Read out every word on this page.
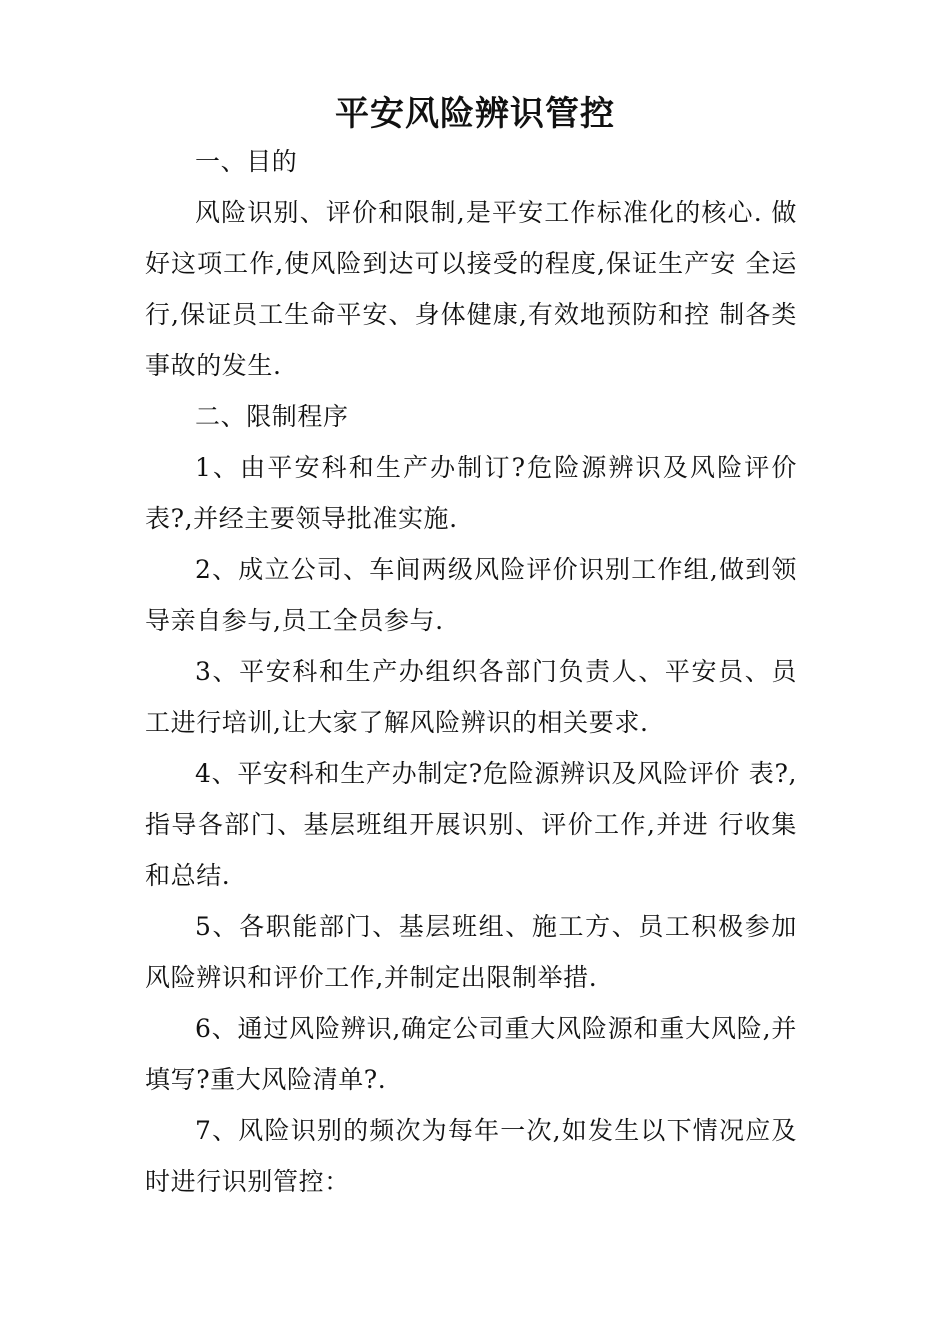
平安风险辨识管控

一、目的

风险识别、评价和限制,是平安工作标准化的核心. 做好这项工作,使风险到达可以接受的程度,保证生产安 全运行,保证员工生命平安、身体健康,有效地预防和控 制各类事故的发生.

二、限制程序

1、由平安科和生产办制订?危险源辨识及风险评价表?,并经主要领导批准实施.

2、成立公司、车间两级风险评价识别工作组,做到领导亲自参与,员工全员参与.

3、平安科和生产办组织各部门负责人、平安员、员工进行培训,让大家了解风险辨识的相关要求.

4、平安科和生产办制定?危险源辨识及风险评价 表?,指导各部门、基层班组开展识别、评价工作,并进 行收集和总结.

5、各职能部门、基层班组、施工方、员工积极参加风险辨识和评价工作,并制定出限制举措.

6、通过风险辨识,确定公司重大风险源和重大风险,并填写?重大风险清单?.

7、风险识别的频次为每年一次,如发生以下情况应及时进行识别管控：
